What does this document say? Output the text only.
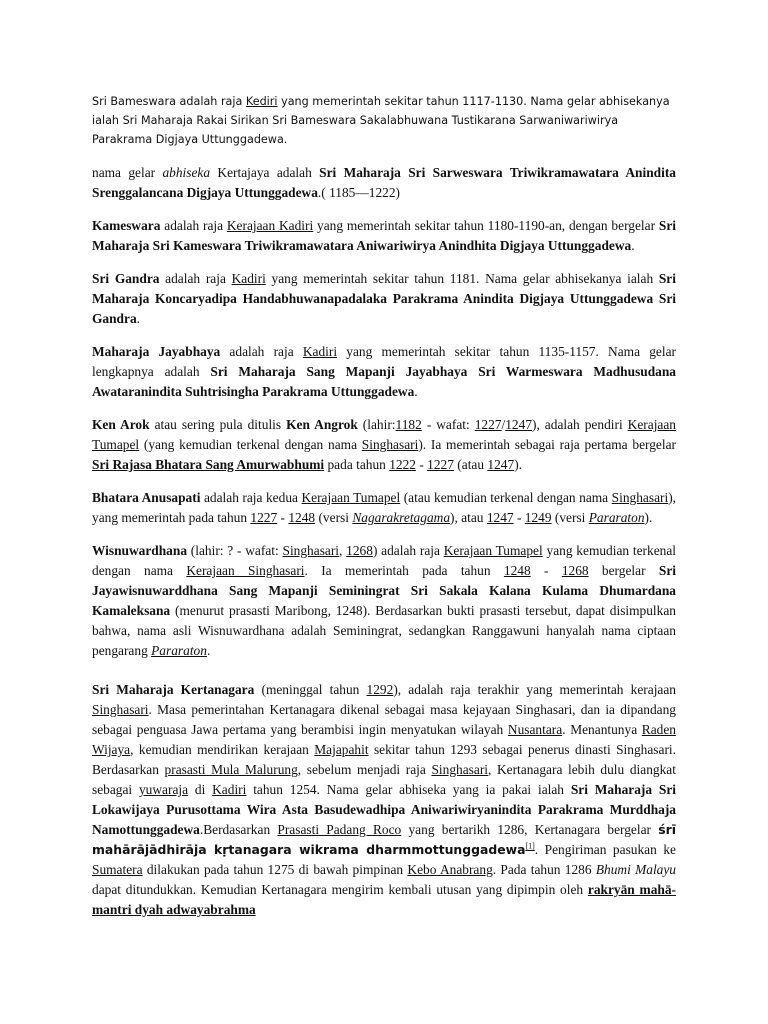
Sri Bameswara adalah raja Kediri yang memerintah sekitar tahun 1117-1130. Nama gelar abhisekanya ialah Sri Maharaja Rakai Sirikan Sri Bameswara Sakalabhuwana Tustikarana Sarwaniwariwirya Parakrama Digjaya Uttunggadewa.

nama gelar abhiseka Kertajaya adalah Sri Maharaja Sri Sarweswara Triwikramawatara Anindita Srenggalancana Digjaya Uttunggadewa.( 1185—1222)

Kameswara adalah raja Kerajaan Kadiri yang memerintah sekitar tahun 1180-1190-an, dengan bergelar Sri Maharaja Sri Kameswara Triwikramawatara Aniwariwirya Anindhita Digjaya Uttunggadewa.

Sri Gandra adalah raja Kadiri yang memerintah sekitar tahun 1181. Nama gelar abhisekanya ialah Sri Maharaja Koncaryadipa Handabhuwanapadalaka Parakrama Anindita Digjaya Uttunggadewa Sri Gandra.

Maharaja Jayabhaya adalah raja Kadiri yang memerintah sekitar tahun 1135-1157. Nama gelar lengkapnya adalah Sri Maharaja Sang Mapanji Jayabhaya Sri Warmeswara Madhusudana Awataranindita Suhtrisingha Parakrama Uttunggadewa.

Ken Arok atau sering pula ditulis Ken Angrok (lahir:1182 - wafat: 1227/1247), adalah pendiri Kerajaan Tumapel (yang kemudian terkenal dengan nama Singhasari). Ia memerintah sebagai raja pertama bergelar Sri Rajasa Bhatara Sang Amurwabhumi pada tahun 1222 - 1227 (atau 1247).

Bhatara Anusapati adalah raja kedua Kerajaan Tumapel (atau kemudian terkenal dengan nama Singhasari), yang memerintah pada tahun 1227 - 1248 (versi Nagarakretagama), atau 1247 - 1249 (versi Pararaton).

Wisnuwardhana (lahir: ? - wafat: Singhasari, 1268) adalah raja Kerajaan Tumapel yang kemudian terkenal dengan nama Kerajaan Singhasari. Ia memerintah pada tahun 1248 - 1268 bergelar Sri Jayawisnuwarddhana Sang Mapanji Seminingrat Sri Sakala Kalana Kulama Dhumardana Kamaleksana (menurut prasasti Maribong, 1248). Berdasarkan bukti prasasti tersebut, dapat disimpulkan bahwa, nama asli Wisnuwardhana adalah Seminingrat, sedangkan Ranggawuni hanyalah nama ciptaan pengarang Pararaton.

Sri Maharaja Kertanagara (meninggal tahun 1292), adalah raja terakhir yang memerintah kerajaan Singhasari. Masa pemerintahan Kertanagara dikenal sebagai masa kejayaan Singhasari, dan ia dipandang sebagai penguasa Jawa pertama yang berambisi ingin menyatukan wilayah Nusantara. Menantunya Raden Wijaya, kemudian mendirikan kerajaan Majapahit sekitar tahun 1293 sebagai penerus dinasti Singhasari. Berdasarkan prasasti Mula Malurung, sebelum menjadi raja Singhasari, Kertanagara lebih dulu diangkat sebagai yuwaraja di Kadiri tahun 1254. Nama gelar abhiseka yang ia pakai ialah Sri Maharaja Sri Lokawijaya Purusottama Wira Asta Basudewadhipa Aniwariwiryanindita Parakrama Murddhaja Namottunggadewa.Berdasarkan Prasasti Padang Roco yang bertarikh 1286, Kertanagara bergelar śrī mahārājādhirāja kṛtanagara wikrama dharmmottunggadewa[1]. Pengiriman pasukan ke Sumatera dilakukan pada tahun 1275 di bawah pimpinan Kebo Anabrang. Pada tahun 1286 Bhumi Malayu dapat ditundukkan. Kemudian Kertanagara mengirim kembali utusan yang dipimpin oleh rakryān mahā-mantri dyah adwayabrahma
